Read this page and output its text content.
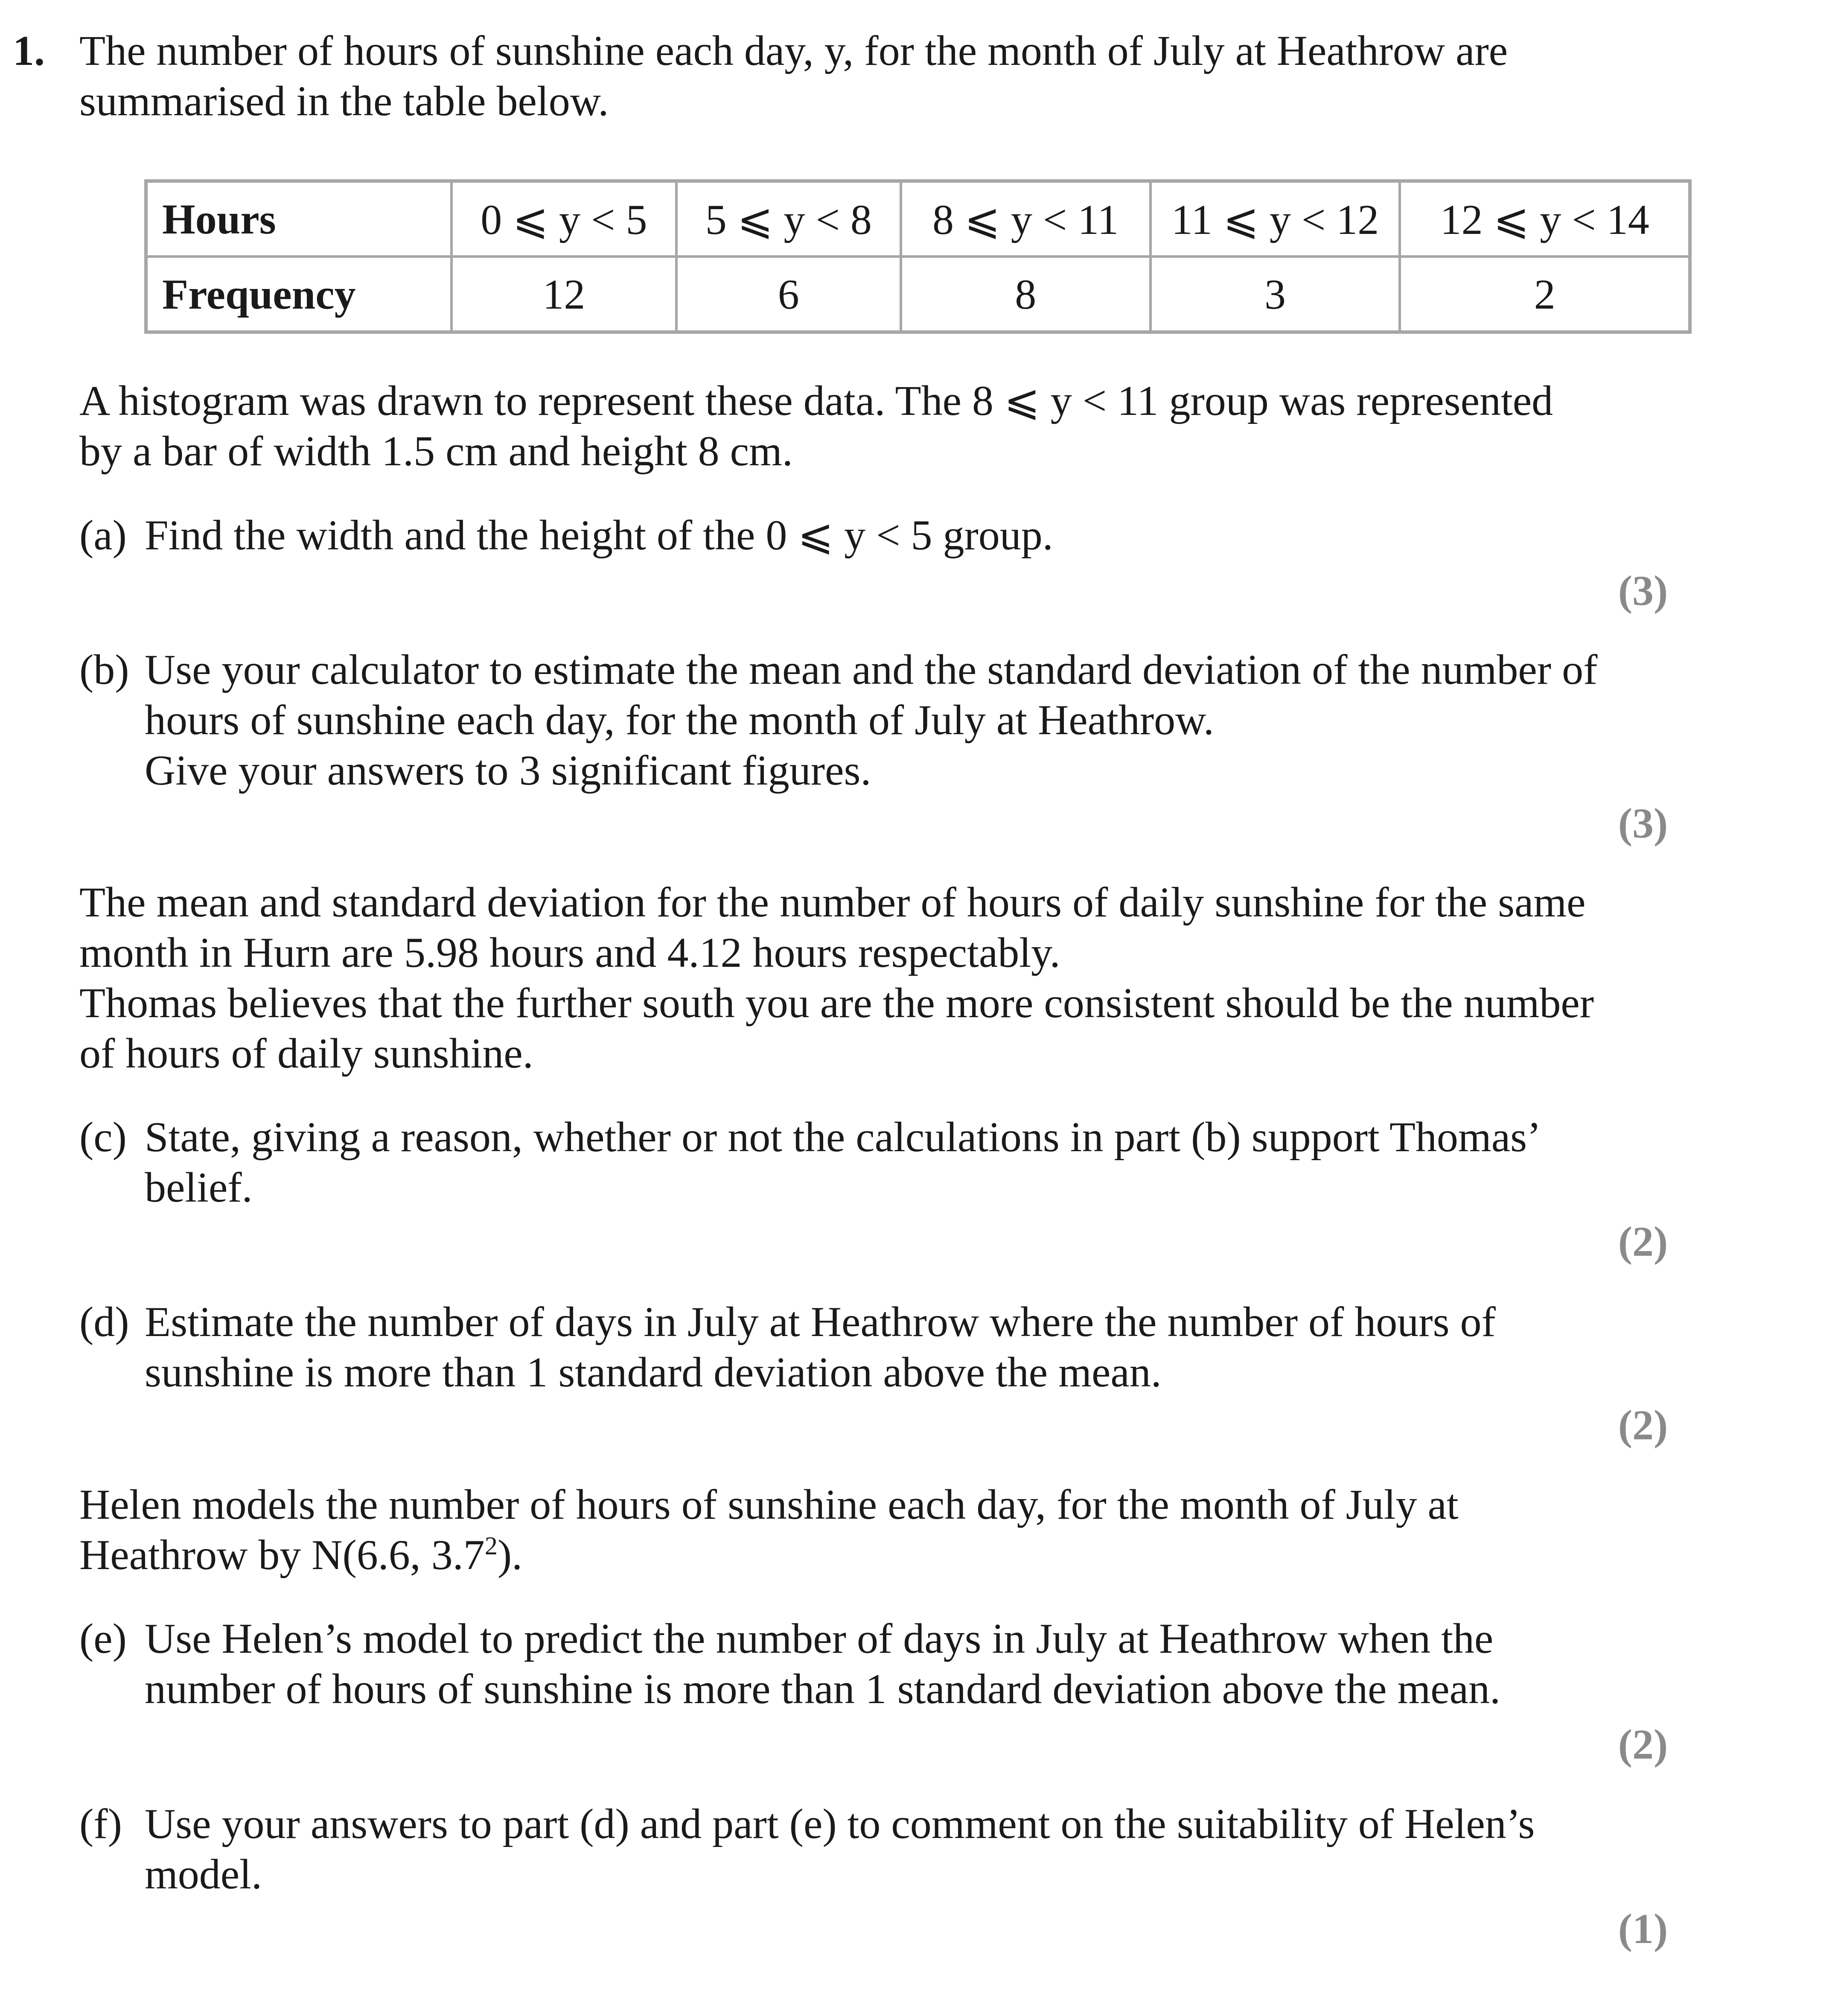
1. The number of hours of sunshine each day, y, for the month of July at Heathrow are
summarised in the table below.
Hours	0 ⩽ y < 5	5 ⩽ y < 8	8 ⩽ y < 11	11 ⩽ y < 12	12 ⩽ y < 14
Frequency	12	6	8	3	2
A histogram was drawn to represent these data. The 8 ⩽ y < 11 group was represented
by a bar of width 1.5 cm and height 8 cm.
(a) Find the width and the height of the 0 ⩽ y < 5 group.
(3)
(b) Use your calculator to estimate the mean and the standard deviation of the number of
hours of sunshine each day, for the month of July at Heathrow.
Give your answers to 3 significant figures.
(3)
The mean and standard deviation for the number of hours of daily sunshine for the same
month in Hurn are 5.98 hours and 4.12 hours respectably.
Thomas believes that the further south you are the more consistent should be the number
of hours of daily sunshine.
(c) State, giving a reason, whether or not the calculations in part (b) support Thomas’
belief.
(2)
(d) Estimate the number of days in July at Heathrow where the number of hours of
sunshine is more than 1 standard deviation above the mean.
(2)
Helen models the number of hours of sunshine each day, for the month of July at
Heathrow by N(6.6, $3.7^2$).
(e) Use Helen’s model to predict the number of days in July at Heathrow when the
number of hours of sunshine is more than 1 standard deviation above the mean.
(2)
(f) Use your answers to part (d) and part (e) to comment on the suitability of Helen’s
model.
(1)
